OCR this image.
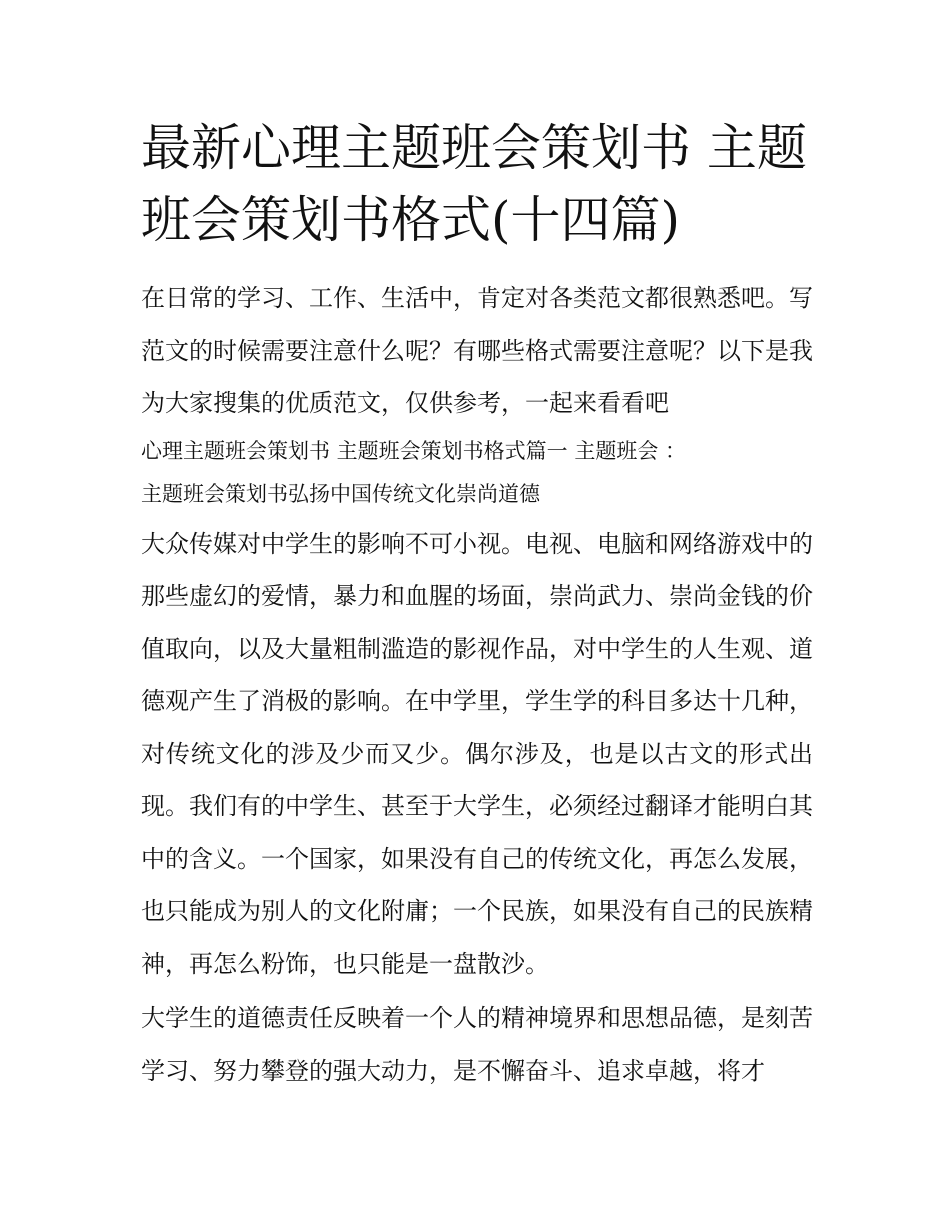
最新心理主题班会策划书 主题班会策划书格式(十四篇)

在日常的学习、工作、生活中，肯定对各类范文都很熟悉吧。写范文的时候需要注意什么呢？有哪些格式需要注意呢？以下是我为大家搜集的优质范文，仅供参考，一起来看看吧

心理主题班会策划书 主题班会策划书格式篇一 主题班会 ：

主题班会策划书弘扬中国传统文化崇尚道德

大众传媒对中学生的影响不可小视。电视、电脑和网络游戏中的那些虚幻的爱情，暴力和血腥的场面，崇尚武力、崇尚金钱的价值取向，以及大量粗制滥造的影视作品，对中学生的人生观、道德观产生了消极的影响。在中学里，学生学的科目多达十几种，对传统文化的涉及少而又少。偶尔涉及，也是以古文的形式出现。我们有的中学生、甚至于大学生，必须经过翻译才能明白其中的含义。一个国家，如果没有自己的传统文化，再怎么发展，也只能成为别人的文化附庸；一个民族，如果没有自己的民族精神，再怎么粉饰，也只能是一盘散沙。

大学生的道德责任反映着一个人的精神境界和思想品德，是刻苦学习、努力攀登的强大动力，是不懈奋斗、追求卓越，将才
